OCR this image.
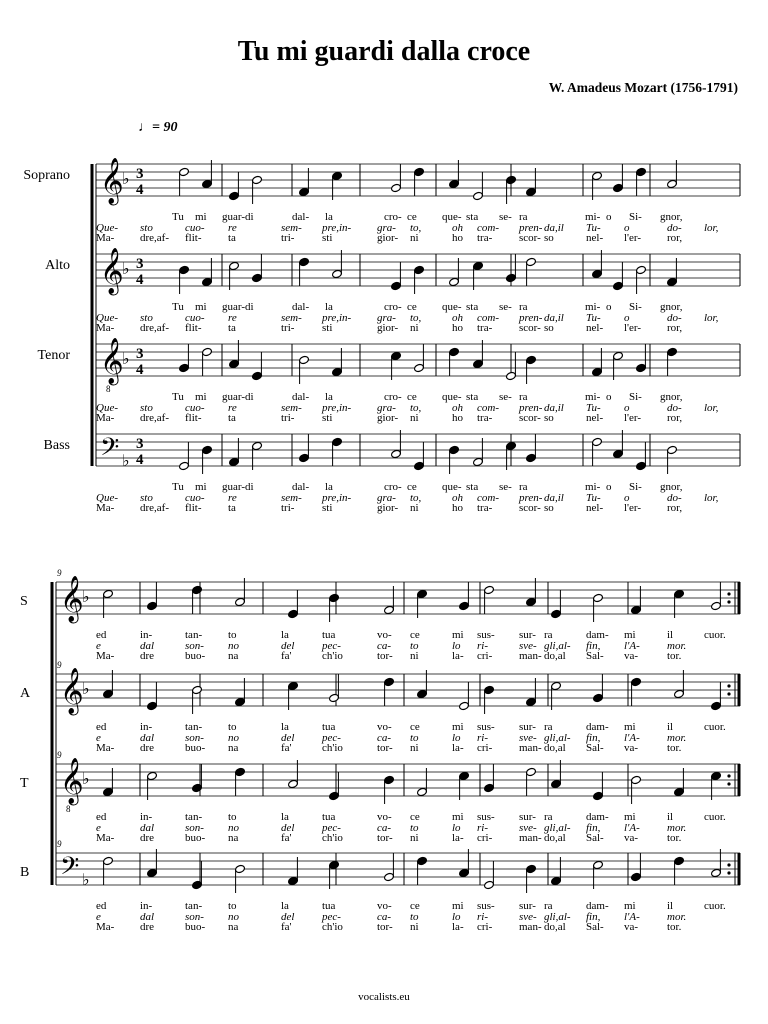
Tu mi guardi dalla croce
W. Amadeus Mozart (1756-1791)
♩= 90
𝄞
♭ 3
4
𝄞
♭ 3
4
𝄞
8
♭ 3
4
𝄢 ♭
3
4
𝄞
♭
𝄞
♭
𝄞
8
♭
𝄢 ♭
Soprano
Tu mi guar- di	dal- la	cro- ce que- sta se- ra	mi- o Si- gnor,
Que- sto	cuo- re	sem- pre,in- gra- to,	oh com- pren- da,il Tu- o	do- lor,
Ma- dre,af- flit- ta	tri-	sti	gior- ni	ho tra- scor- so	nel- l'er- ror,
Alto
Tu mi guar- di	dal- la	cro- ce que- sta se- ra	mi- o Si- gnor,
Que- sto	cuo- re	sem- pre,in- gra- to,	oh com- pren- da,il Tu- o	do- lor,
Ma- dre,af- flit- ta	tri-	sti	gior- ni	ho tra- scor- so	nel- l'er- ror,
Tenor
Tu mi guar- di	dal- la	cro- ce que- sta se- ra	mi- o Si- gnor,
Que- sto	cuo- re	sem- pre,in- gra- to,	oh com- pren- da,il Tu- o	do- lor,
Ma- dre,af- flit- ta	tri-	sti	gior- ni	ho tra- scor- so	nel- l'er- ror,
Bass
Tu mi guar- di	dal- la	cro- ce que- sta se- ra	mi- o Si- gnor,
Que- sto	cuo- re	sem- pre,in- gra- to,	oh com- pren- da,il Tu- o	do- lor,
Ma- dre,af- flit- ta	tri-	sti	gior- ni	ho tra- scor- so	nel- l'er- ror,
S
9
ed	in-	tan- to	la	tua	vo- ce	mi sus- sur- ra	dam- mi	il	cuor.
e	dal	son- no	del	pec-	ca- to	lo ri-	sve- gli,al- fin, l'A- mor.
Ma- dre	buo- na	fa'	ch'io	tor- ni	la- cri- man- do,al Sal- va-	tor.
A
9
ed	in-	tan- to	la	tua	vo- ce	mi sus- sur- ra	dam- mi	il	cuor.
e	dal	son- no	del	pec-	ca- to	lo ri-	sve- gli,al- fin, l'A- mor.
Ma- dre	buo- na	fa'	ch'io	tor- ni	la- cri- man- do,al Sal- va-	tor.
T
9
ed	in-	tan- to	la	tua	vo- ce	mi sus- sur- ra	dam- mi	il	cuor.
e	dal	son- no	del	pec-	ca- to	lo ri-	sve- gli,al- fin, l'A- mor.
Ma- dre	buo- na	fa'	ch'io	tor- ni	la- cri- man- do,al Sal- va-	tor.
B
9
ed	in-	tan- to	la	tua	vo- ce	mi sus- sur- ra	dam- mi	il	cuor.
e	dal	son- no	del	pec-	ca- to	lo ri-	sve- gli,al- fin, l'A- mor.
Ma- dre	buo- na	fa'	ch'io	tor- ni	la- cri- man- do,al Sal- va-	tor.
vocalists.eu
